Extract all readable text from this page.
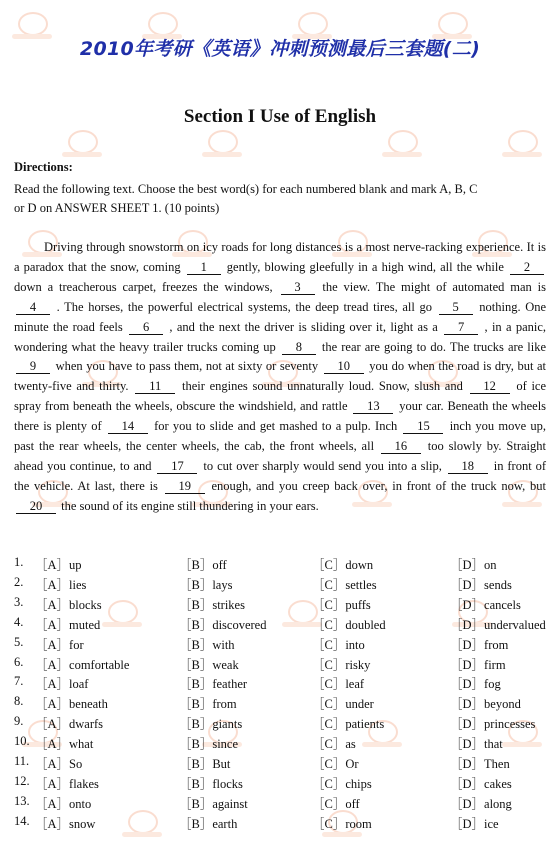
2010年考研《英语》冲刺预测最后三套题(二)
Section I Use of English
Directions:
Read the following text. Choose the best word(s) for each numbered blank and mark A, B, C
or D on ANSWER SHEET 1. (10 points)
Driving through snowstorm on icy roads for long distances is a most nerve-racking experience. It is a paradox that the snow, coming 1 gently, blowing gleefully in a high wind, all the while 2 down a treacherous carpet, freezes the windows, 3 the view. The might of automated man is 4 . The horses, the powerful electrical systems, the deep tread tires, all go 5 nothing. One minute the road feels 6 , and the next the driver is sliding over it, light as a 7 , in a panic, wondering what the heavy trailer trucks coming up 8 the rear are going to do. The trucks are like 9 when you have to pass them, not at sixty or seventy 10 you do when the road is dry, but at twenty-five and thirty. 11 their engines sound unnaturally loud. Snow, slush and 12 of ice spray from beneath the wheels, obscure the windshield, and rattle 13 your car. Beneath the wheels there is plenty of 14 for you to slide and get mashed to a pulp. Inch 15 inch you move up, past the rear wheels, the center wheels, the cab, the front wheels, all 16 too slowly by. Straight ahead you continue, to and 17 to cut over sharply would send you into a slip, 18 in front of the vehicle. At last, there is 19 enough, and you creep back over, in front of the truck now, but 20 the sound of its engine still thundering in your ears.
1. ［A］up	［B］off	［C］down	［D］on
2. ［A］lies	［B］lays	［C］settles	［D］sends
3. ［A］blocks	［B］strikes	［C］puffs	［D］cancels
4. ［A］muted	［B］discovered	［C］doubled	［D］undervalued
5. ［A］for	［B］with	［C］into	［D］from
6. ［A］comfortable	［B］weak	［C］risky	［D］firm
7. ［A］loaf	［B］feather	［C］leaf	［D］fog
8. ［A］beneath	［B］from	［C］under	［D］beyond
9. ［A］dwarfs	［B］giants	［C］patients	［D］princesses
10. ［A］what	［B］since	［C］as	［D］that
11. ［A］So	［B］But	［C］Or	［D］Then
12. ［A］flakes	［B］flocks	［C］chips	［D］cakes
13. ［A］onto	［B］against	［C］off	［D］along
14. ［A］snow	［B］earth	［C］room	［D］ice
